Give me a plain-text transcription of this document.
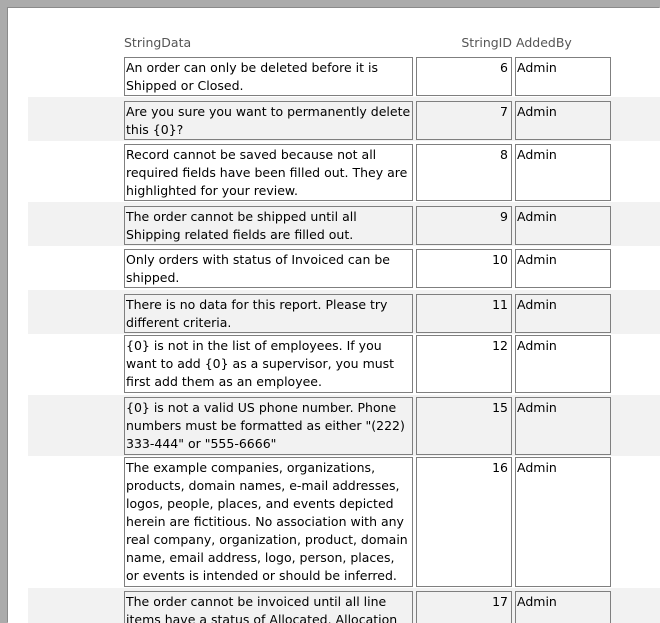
StringData	StringID AddedBy
An order can only be deleted before it is Shipped or Closed.
6 Admin
Are you sure you want to permanently delete this {0}?
7 Admin
Record cannot be saved because not all required fields have been filled out. They are highlighted for your review.
8 Admin
The order cannot be shipped until all Shipping related fields are filled out.
9 Admin
Only orders with status of Invoiced can be shipped.
10 Admin
There is no data for this report. Please try different criteria.
11 Admin
{0} is not in the list of employees. If you want to add {0} as a supervisor, you must first add them as an employee.
12 Admin
{0} is not a valid US phone number. Phone numbers must be formatted as either "(222) 333-444" or "555-6666"
15 Admin
The example companies, organizations, products, domain names, e-mail addresses, logos, people, places, and events depicted herein are fictitious. No association with any real company, organization, product, domain name, email address, logo, person, places, or events is intended or should be inferred.
16 Admin
The order cannot be invoiced until all line items have a status of Allocated. Allocation
17 Admin
